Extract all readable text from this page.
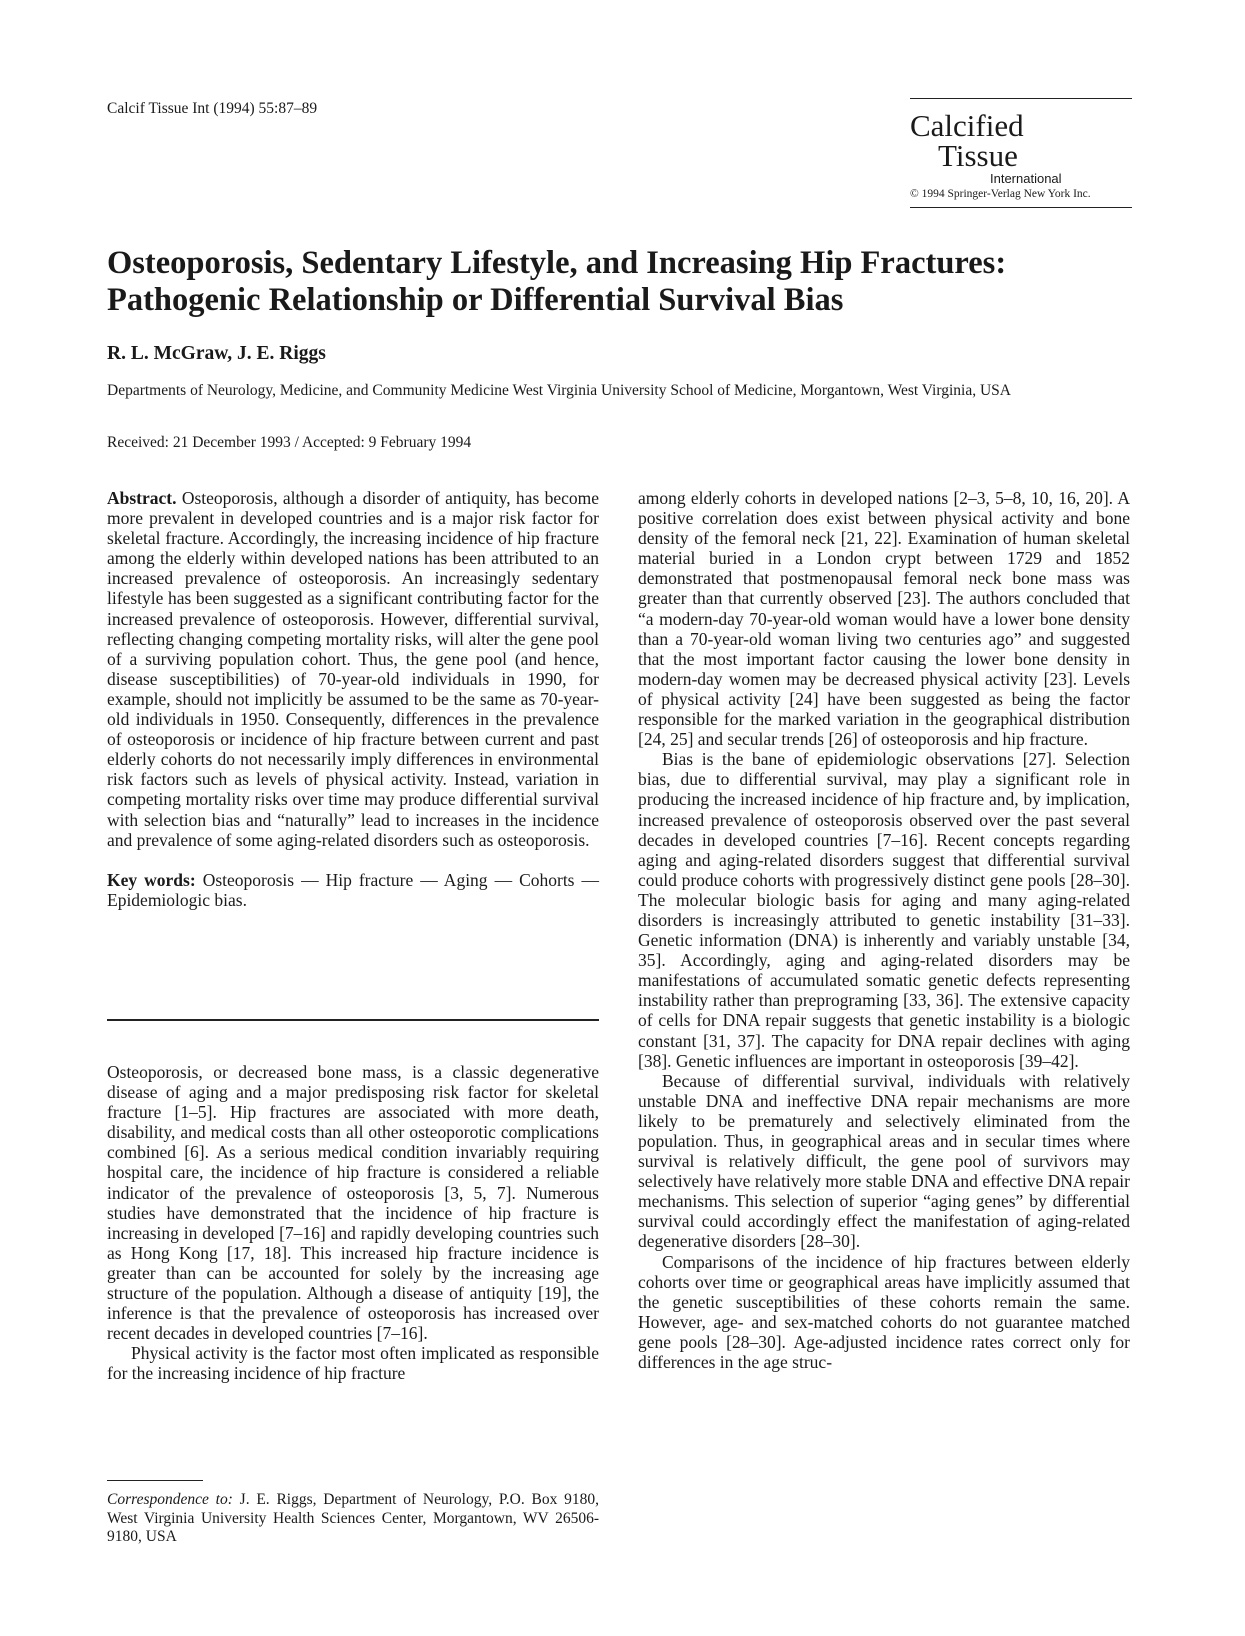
Calcif Tissue Int (1994) 55:87–89	Calcified
Tissue
International
© 1994 Springer-Verlag New York Inc.
Osteoporosis, Sedentary Lifestyle, and Increasing Hip Fractures: Pathogenic Relationship or Differential Survival Bias
R. L. McGraw, J. E. Riggs
Departments of Neurology, Medicine, and Community Medicine West Virginia University School of Medicine, Morgantown, West Virginia, USA
Received: 21 December 1993 / Accepted: 9 February 1994

Abstract. Osteoporosis, although a disorder of antiquity, has become more prevalent in developed countries and is a major risk factor for skeletal fracture. Accordingly, the increasing incidence of hip fracture among the elderly within developed nations has been attributed to an increased prevalence of osteoporosis. An increasingly sedentary lifestyle has been suggested as a significant contributing factor for the increased prevalence of osteoporosis. However, differential survival, reflecting changing competing mortality risks, will alter the gene pool of a surviving population cohort. Thus, the gene pool (and hence, disease susceptibilities) of 70-year-old individuals in 1990, for example, should not implicitly be assumed to be the same as 70-year-old individuals in 1950. Consequently, differences in the prevalence of osteoporosis or incidence of hip fracture between current and past elderly cohorts do not necessarily imply differences in environmental risk factors such as levels of physical activity. Instead, variation in competing mortality risks over time may produce differential survival with selection bias and “naturally” lead to increases in the incidence and prevalence of some aging-related disorders such as osteoporosis.

Key words: Osteoporosis — Hip fracture — Aging — Cohorts — Epidemiologic bias.

Osteoporosis, or decreased bone mass, is a classic degenerative disease of aging and a major predisposing risk factor for skeletal fracture [1–5]. Hip fractures are associated with more death, disability, and medical costs than all other osteoporotic complications combined [6]. As a serious medical condition invariably requiring hospital care, the incidence of hip fracture is considered a reliable indicator of the prevalence of osteoporosis [3, 5, 7]. Numerous studies have demonstrated that the incidence of hip fracture is increasing in developed [7–16] and rapidly developing countries such as Hong Kong [17, 18]. This increased hip fracture incidence is greater than can be accounted for solely by the increasing age structure of the population. Although a disease of antiquity [19], the inference is that the prevalence of osteoporosis has increased over recent decades in developed countries [7–16].

Physical activity is the factor most often implicated as responsible for the increasing incidence of hip fracture

among elderly cohorts in developed nations [2–3, 5–8, 10, 16, 20]. A positive correlation does exist between physical activity and bone density of the femoral neck [21, 22]. Examination of human skeletal material buried in a London crypt between 1729 and 1852 demonstrated that postmenopausal femoral neck bone mass was greater than that currently observed [23]. The authors concluded that “a modern-day 70-year-old woman would have a lower bone density than a 70-year-old woman living two centuries ago” and suggested that the most important factor causing the lower bone density in modern-day women may be decreased physical activity [23]. Levels of physical activity [24] have been suggested as being the factor responsible for the marked variation in the geographical distribution [24, 25] and secular trends [26] of osteoporosis and hip fracture.

Bias is the bane of epidemiologic observations [27]. Selection bias, due to differential survival, may play a significant role in producing the increased incidence of hip fracture and, by implication, increased prevalence of osteoporosis observed over the past several decades in developed countries [7–16]. Recent concepts regarding aging and aging-related disorders suggest that differential survival could produce cohorts with progressively distinct gene pools [28–30]. The molecular biologic basis for aging and many aging-related disorders is increasingly attributed to genetic instability [31–33]. Genetic information (DNA) is inherently and variably unstable [34, 35]. Accordingly, aging and aging-related disorders may be manifestations of accumulated somatic genetic defects representing instability rather than preprograming [33, 36]. The extensive capacity of cells for DNA repair suggests that genetic instability is a biologic constant [31, 37]. The capacity for DNA repair declines with aging [38]. Genetic influences are important in osteoporosis [39–42].

Because of differential survival, individuals with relatively unstable DNA and ineffective DNA repair mechanisms are more likely to be prematurely and selectively eliminated from the population. Thus, in geographical areas and in secular times where survival is relatively difficult, the gene pool of survivors may selectively have relatively more stable DNA and effective DNA repair mechanisms. This selection of superior “aging genes” by differential survival could accordingly effect the manifestation of aging-related degenerative disorders [28–30].

Comparisons of the incidence of hip fractures between elderly cohorts over time or geographical areas have implicitly assumed that the genetic susceptibilities of these cohorts remain the same. However, age- and sex-matched cohorts do not guarantee matched gene pools [28–30]. Age-adjusted incidence rates correct only for differences in the age struc-

Correspondence to: J. E. Riggs, Department of Neurology, P.O. Box 9180, West Virginia University Health Sciences Center, Morgantown, WV 26506-9180, USA
